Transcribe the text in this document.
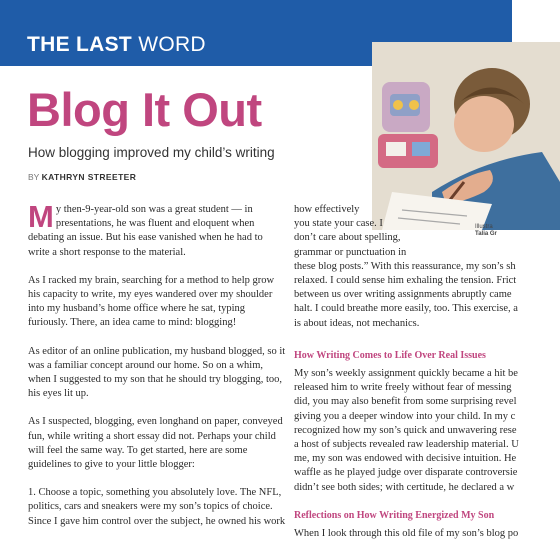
THE LAST WORD
Illustra
Talia Gr
Blog It Out
How blogging improved my child’s writing
BY KATHRYN STREETER

My then-9-year-old son was a great student — in presentations, he was fluent and eloquent when debating an issue. But his ease vanished when he had to write a short response to the material.

As I racked my brain, searching for a method to help grow his capacity to write, my eyes wandered over my shoulder into my husband’s home office where he sat, typing furiously. There, an idea came to mind: blogging!

As editor of an online publication, my husband blogged, so it was a familiar concept around our home. So on a whim, when I suggested to my son that he should try blogging, too, his eyes lit up.

As I suspected, blogging, even longhand on paper, conveyed fun, while writing a short essay did not. Perhaps your child will feel the same way. To get started, here are some guidelines to give to your little blogger:

1. Choose a topic, something you absolutely love. The NFL,
politics, cars and sneakers were my son’s topics of choice.
Since I gave him control over the subject, he owned his work
how effectively
you state your case. I
don’t care about spelling,
grammar or punctuation in
these blog posts.” With this reassurance, my son’s sh
relaxed. I could sense him exhaling the tension. Frict
between us over writing assignments abruptly came
halt. I could breathe more easily, too. This exercise, a
is about ideas, not mechanics.
How Writing Comes to Life Over Real Issues
My son’s weekly assignment quickly became a hit be
released him to write freely without fear of messing
did, you may also benefit from some surprising revel
giving you a deeper window into your child. In my c
recognized how my son’s quick and unwavering rese
a host of subjects revealed raw leadership material. U
me, my son was endowed with decisive intuition. He
waffle as he played judge over disparate controversie
didn’t see both sides; with certitude, he declared a w
Reflections on How Writing Energized My Son
When I look through this old file of my son’s blog po
